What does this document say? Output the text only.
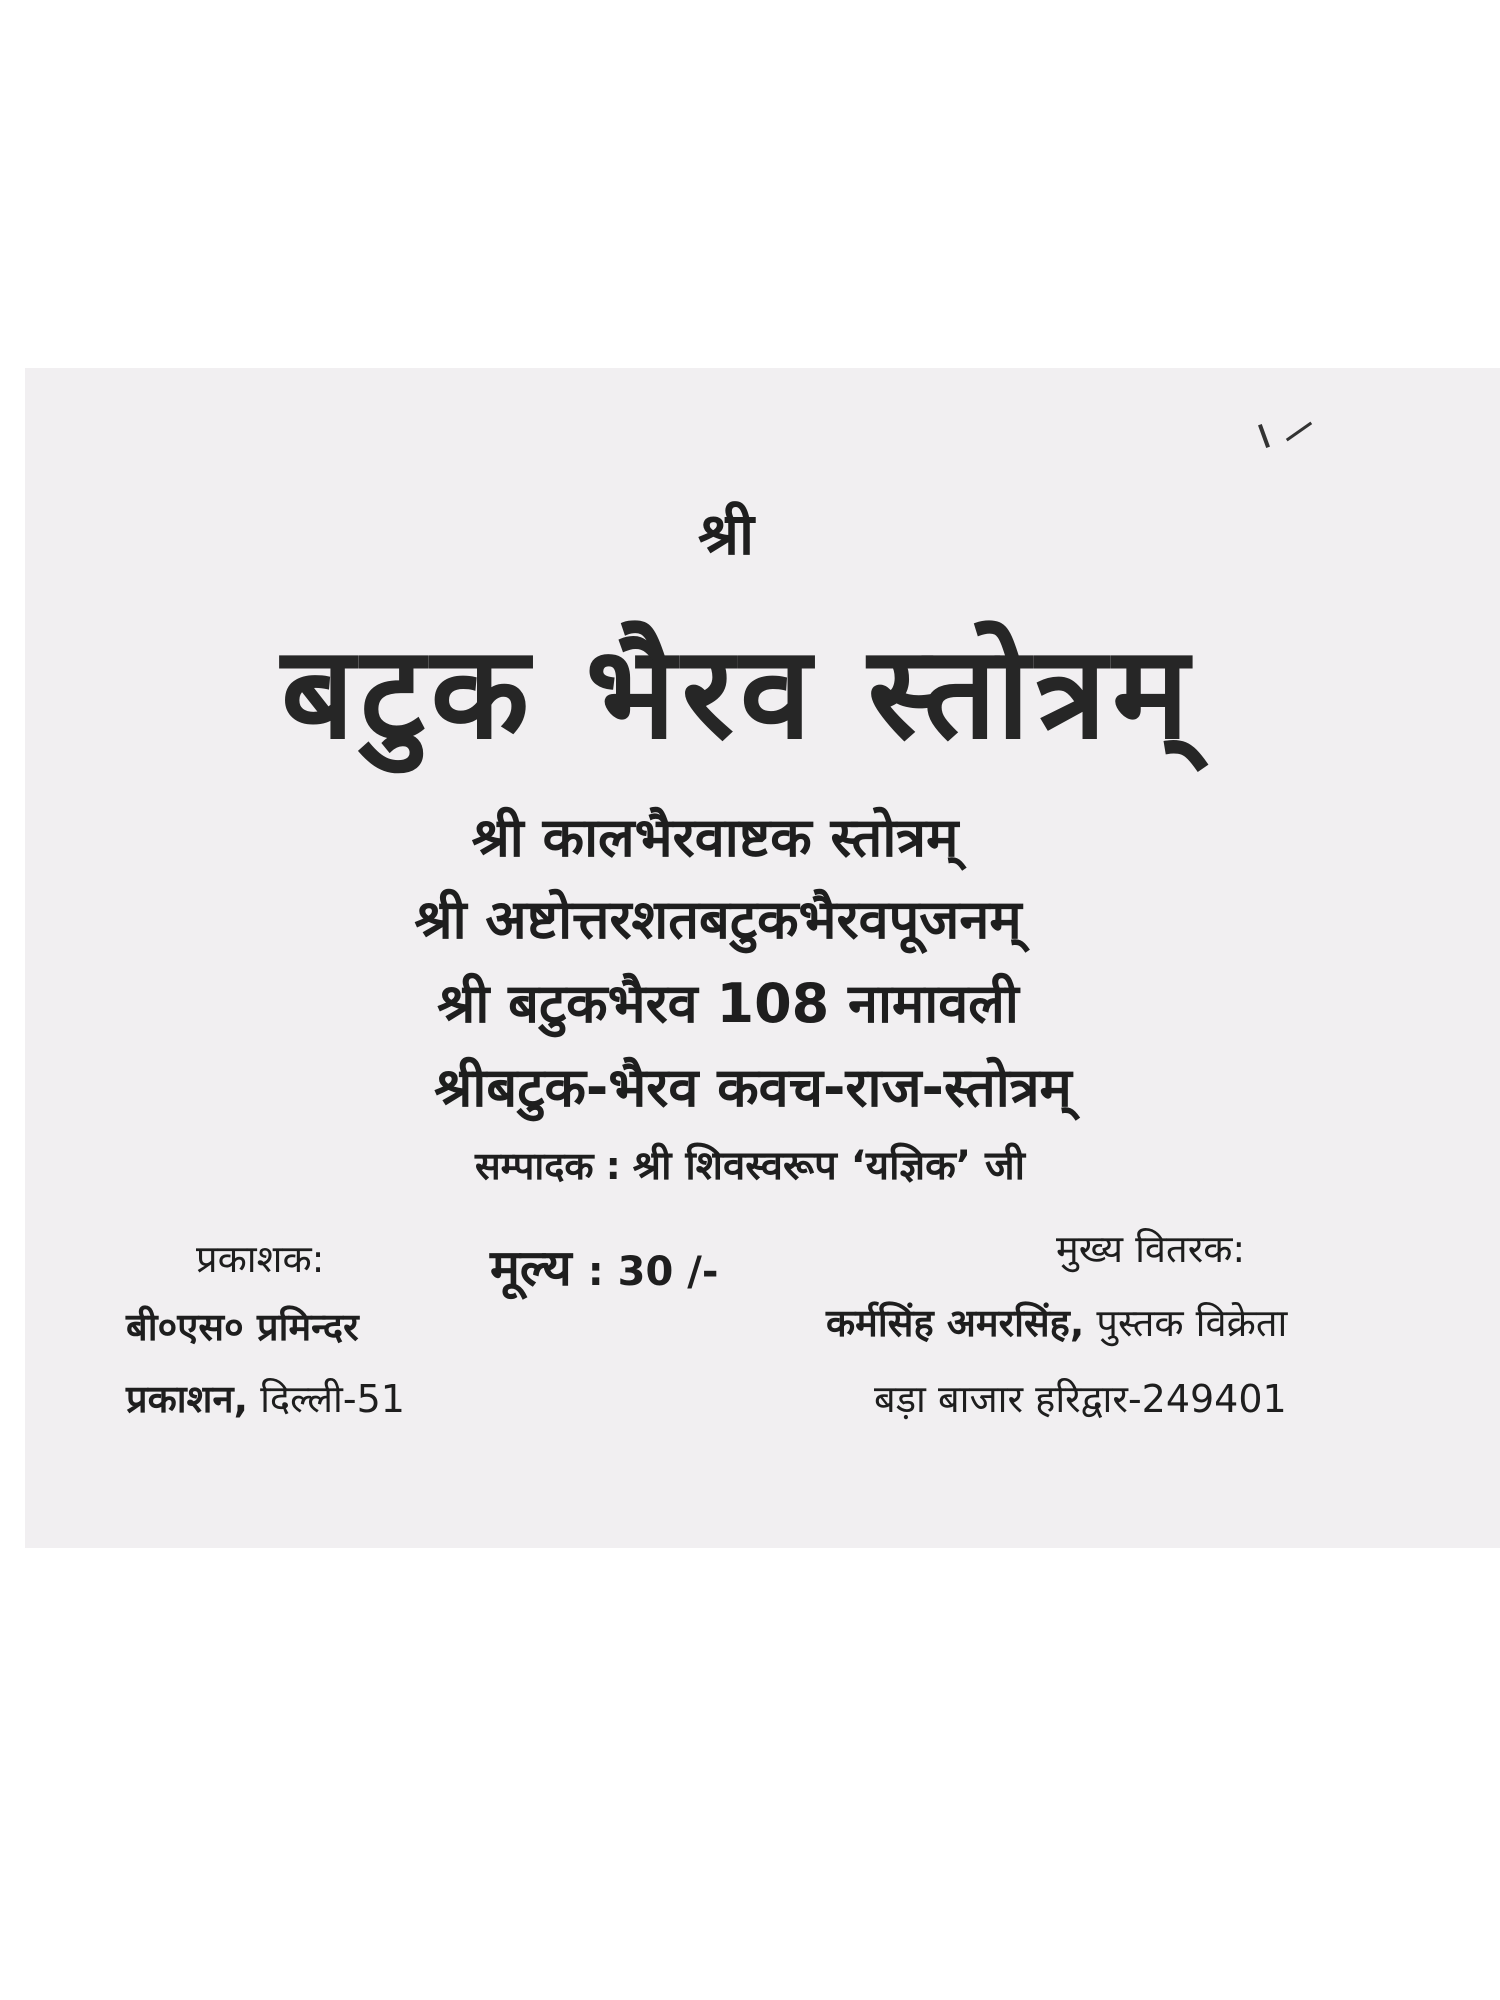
श्री
बटुक भैरव स्तोत्रम्
श्री कालभैरवाष्टक स्तोत्रम्
श्री अष्टोत्तरशतबटुकभैरवपूजनम्
श्री बटुकभैरव 108 नामावली
श्रीबटुक-भैरव कवच-राज-स्तोत्रम्
सम्पादक : श्री शिवस्वरूप ‘यज्ञिक’ जी
प्रकाशक:
बी०एस० प्रमिन्दर
प्रकाशन, दिल्ली-51
मूल्य : 30 /-	मुख्य वितरक:
कर्मसिंह अमरसिंह, पुस्तक विक्रेता
बड़ा बाजार हरिद्वार-249401
